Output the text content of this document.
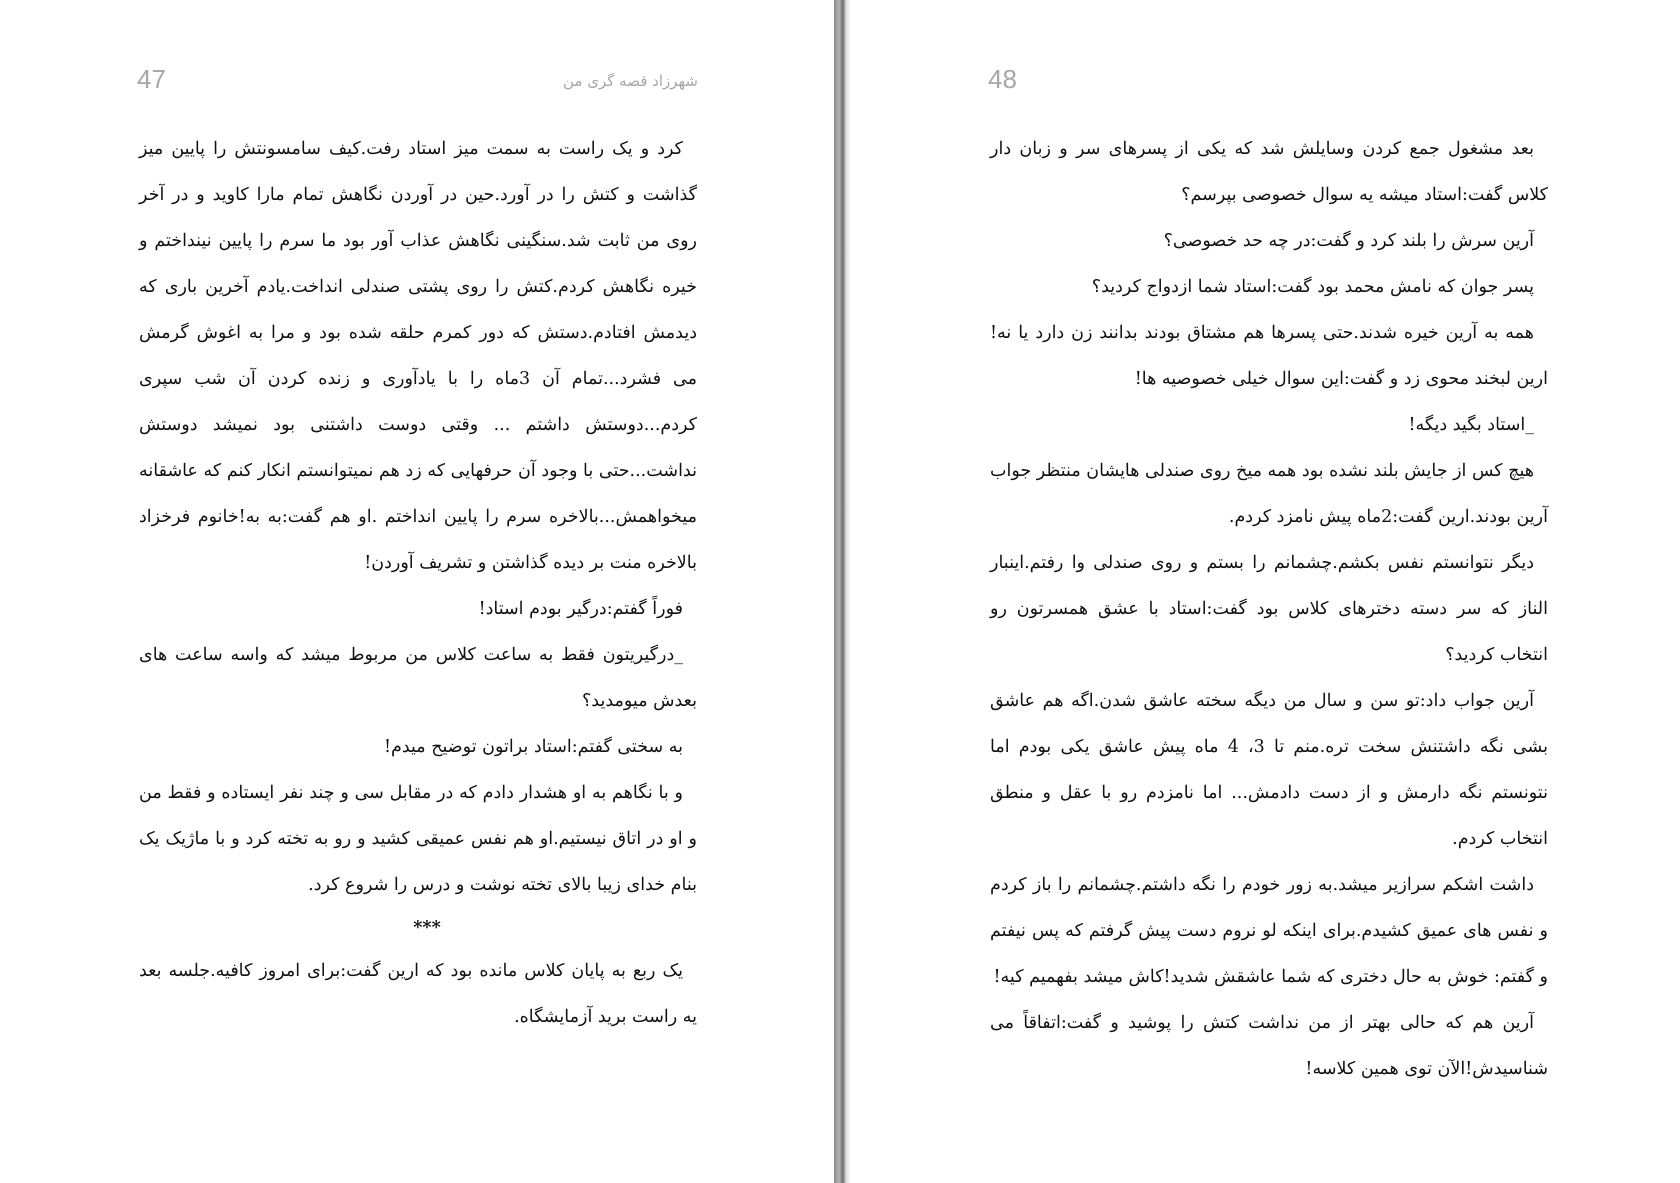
47	شهرزاد قصه گری من

کرد و یک راست به سمت میز استاد رفت.کیف سامسونتش را پایین میز گذاشت و کتش را در آورد.حین در آوردن نگاهش تمام مارا کاوید و در آخر روی من ثابت شد.سنگینی نگاهش عذاب آور بود ما سرم را پایین نینداختم و خیره نگاهش کردم.کتش را روی پشتی صندلی انداخت.یادم آخرین باری که دیدمش افتادم.دستش که دور کمرم حلقه شده بود و مرا به اغوش گرمش می فشرد...تمام آن 3ماه را با یادآوری و زنده کردن آن شب سپری کردم...دوستش داشتم ... وقتی دوست داشتنی بود نمیشد دوستش نداشت...حتی با وجود آن حرفهایی که زد هم نمیتوانستم انکار کنم که عاشقانه میخواهمش...بالاخره سرم را پایین انداختم .او هم گفت:به به!خانوم فرخزاد بالاخره منت بر دیده گذاشتن و تشریف آوردن!

فوراً گفتم:درگیر بودم استاد!

_درگیریتون فقط به ساعت کلاس من مربوط میشد که واسه ساعت های بعدش میومدید؟

به سختی گفتم:استاد براتون توضیح میدم!

و با نگاهم به او هشدار دادم که در مقابل سی و چند نفر ایستاده و فقط من و او در اتاق نیستیم.او هم نفس عمیقی کشید و رو به تخته کرد و با ماژیک یک بنام خدای زیبا بالای تخته نوشت و درس را شروع کرد.

***

یک ربع به پایان کلاس مانده بود که ارین گفت:برای امروز کافیه.جلسه بعد یه راست برید آزمایشگاه.

48

بعد مشغول جمع کردن وسایلش شد که یکی از پسرهای سر و زبان دار کلاس گفت:استاد میشه یه سوال خصوصی بپرسم؟

آرین سرش را بلند کرد و گفت:در چه حد خصوصی؟

پسر جوان که نامش محمد بود گفت:استاد شما ازدواج کردید؟

همه به آرین خیره شدند.حتی پسرها هم مشتاق بودند بدانند زن دارد یا نه!ارین لبخند محوی زد و گفت:این سوال خیلی خصوصیه ها!

_استاد بگید دیگه!

هیچ کس از جایش بلند نشده بود همه میخ روی صندلی هایشان منتظر جواب آرین بودند.ارین گفت:2ماه پیش نامزد کردم.

دیگر نتوانستم نفس بکشم.چشمانم را بستم و روی صندلی وا رفتم.اینبار الناز که سر دسته دخترهای کلاس بود گفت:استاد با عشق همسرتون رو انتخاب کردید؟

آرین جواب داد:تو سن و سال من دیگه سخته عاشق شدن.اگه هم عاشق بشی نگه داشتنش سخت تره.منم تا 3، 4 ماه پیش عاشق یکی بودم اما نتونستم نگه دارمش و از دست دادمش... اما نامزدم رو با عقل و منطق انتخاب کردم.

داشت اشکم سرازیر میشد.به زور خودم را نگه داشتم.چشمانم را باز کردم و نفس های عمیق کشیدم.برای اینکه لو نروم دست پیش گرفتم که پس نیفتم و گفتم: خوش به حال دختری که شما عاشقش شدید!کاش میشد بفهمیم کیه!

آرین هم که حالی بهتر از من نداشت کتش را پوشید و گفت:اتفاقاً می شناسیدش!الآن توی همین کلاسه!
